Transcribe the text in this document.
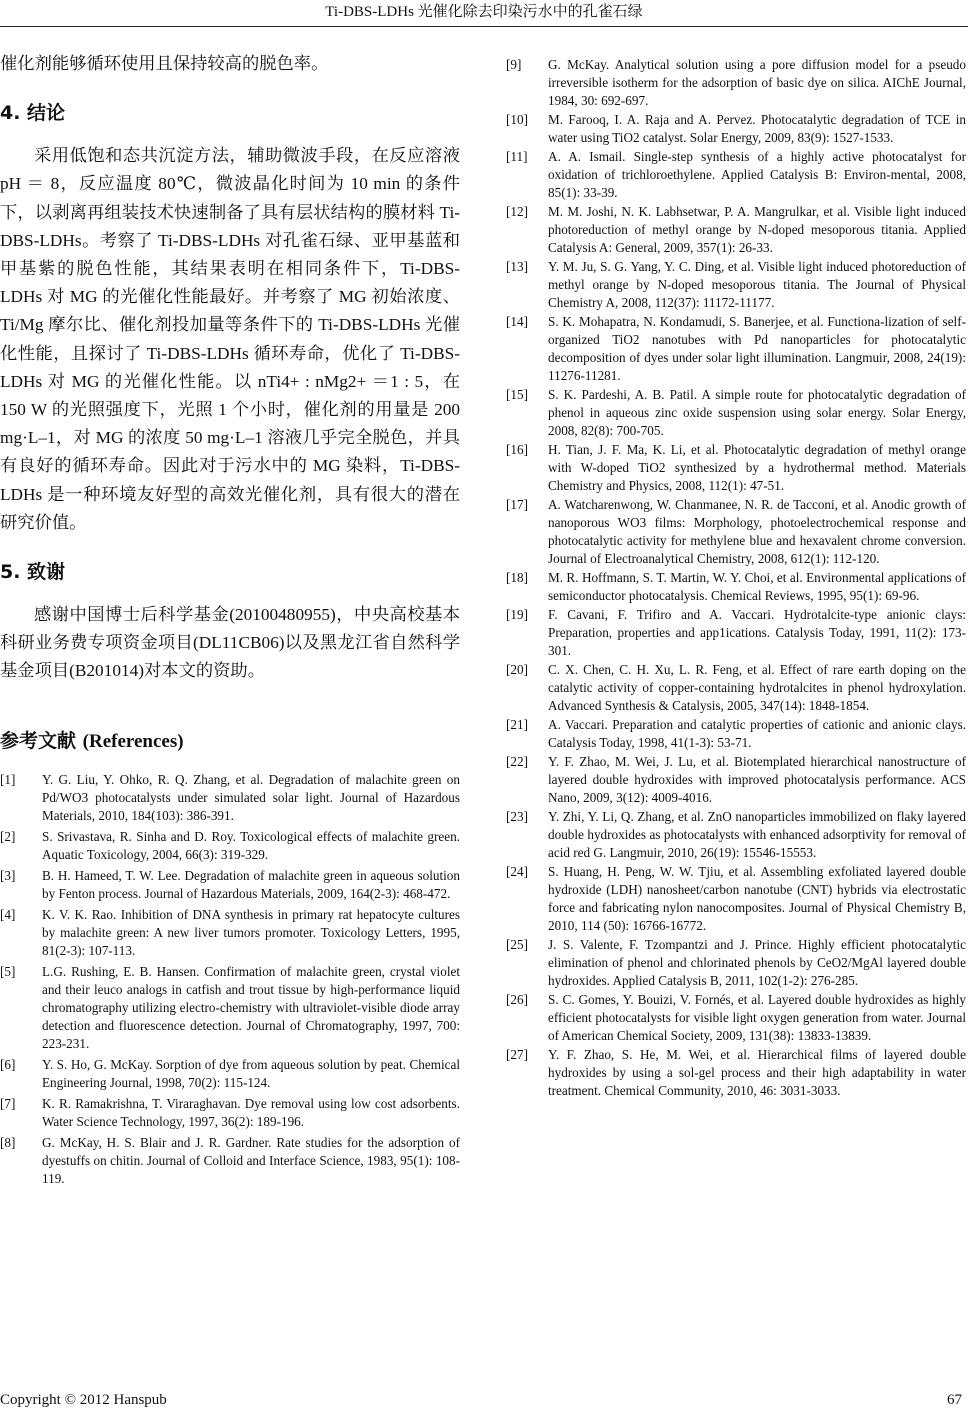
Ti-DBS-LDHs 光催化除去印染污水中的孔雀石绿

催化剂能够循环使用且保持较高的脱色率。

4. 结论

采用低饱和态共沉淀方法，辅助微波手段，在反应溶液 pH ＝ 8，反应温度 80℃，微波晶化时间为 10 min 的条件下，以剥离再组装技术快速制备了具有层状结构的膜材料 Ti-DBS-LDHs。考察了 Ti-DBS-LDHs 对孔雀石绿、亚甲基蓝和甲基紫的脱色性能，其结果表明在相同条件下，Ti-DBS-LDHs 对 MG 的光催化性能最好。并考察了 MG 初始浓度、Ti/Mg 摩尔比、催化剂投加量等条件下的 Ti-DBS-LDHs 光催化性能，且探讨了 Ti-DBS-LDHs 循环寿命，优化了 Ti-DBS-LDHs 对 MG 的光催化性能。以 nTi4+ : nMg2+ ＝1 : 5，在 150 W 的光照强度下，光照 1 个小时，催化剂的用量是 200 mg·L–1，对 MG 的浓度 50 mg·L–1 溶液几乎完全脱色，并具有良好的循环寿命。因此对于污水中的 MG 染料，Ti-DBS-LDHs 是一种环境友好型的高效光催化剂，具有很大的潜在研究价值。

5. 致谢

感谢中国博士后科学基金(20100480955)，中央高校基本科研业务费专项资金项目(DL11CB06)以及黑龙江省自然科学基金项目(B201014)对本文的资助。

参考文献 (References)
[1] Y. G. Liu, Y. Ohko, R. Q. Zhang, et al. Degradation of malachite green on Pd/WO3 photocatalysts under simulated solar light. Journal of Hazardous Materials, 2010, 184(103): 386-391.
[2] S. Srivastava, R. Sinha and D. Roy. Toxicological effects of malachite green. Aquatic Toxicology, 2004, 66(3): 319-329.
[3] B. H. Hameed, T. W. Lee. Degradation of malachite green in aqueous solution by Fenton process. Journal of Hazardous Materials, 2009, 164(2-3): 468-472.
[4] K. V. K. Rao. Inhibition of DNA synthesis in primary rat hepatocyte cultures by malachite green: A new liver tumors promoter. Toxicology Letters, 1995, 81(2-3): 107-113.
[5] L.G. Rushing, E. B. Hansen. Confirmation of malachite green, crystal violet and their leuco analogs in catfish and trout tissue by high-performance liquid chromatography utilizing electro-chemistry with ultraviolet-visible diode array detection and fluorescence detection. Journal of Chromatography, 1997, 700: 223-231.
[6] Y. S. Ho, G. McKay. Sorption of dye from aqueous solution by peat. Chemical Engineering Journal, 1998, 70(2): 115-124.
[7] K. R. Ramakrishna, T. Viraraghavan. Dye removal using low cost adsorbents. Water Science Technology, 1997, 36(2): 189-196.
[8] G. McKay, H. S. Blair and J. R. Gardner. Rate studies for the adsorption of dyestuffs on chitin. Journal of Colloid and Interface Science, 1983, 95(1): 108-119.
[9] G. McKay. Analytical solution using a pore diffusion model for a pseudo irreversible isotherm for the adsorption of basic dye on silica. AIChE Journal, 1984, 30: 692-697.
[10] M. Farooq, I. A. Raja and A. Pervez. Photocatalytic degradation of TCE in water using TiO2 catalyst. Solar Energy, 2009, 83(9): 1527-1533.
[11] A. A. Ismail. Single-step synthesis of a highly active photocatalyst for oxidation of trichloroethylene. Applied Catalysis B: Environ-mental, 2008, 85(1): 33-39.
[12] M. M. Joshi, N. K. Labhsetwar, P. A. Mangrulkar, et al. Visible light induced photoreduction of methyl orange by N-doped mesoporous titania. Applied Catalysis A: General, 2009, 357(1): 26-33.
[13] Y. M. Ju, S. G. Yang, Y. C. Ding, et al. Visible light induced photoreduction of methyl orange by N-doped mesoporous titania. The Journal of Physical Chemistry A, 2008, 112(37): 11172-11177.
[14] S. K. Mohapatra, N. Kondamudi, S. Banerjee, et al. Functiona-lization of self-organized TiO2 nanotubes with Pd nanoparticles for photocatalytic decomposition of dyes under solar light illumination. Langmuir, 2008, 24(19): 11276-11281.
[15] S. K. Pardeshi, A. B. Patil. A simple route for photocatalytic degradation of phenol in aqueous zinc oxide suspension using solar energy. Solar Energy, 2008, 82(8): 700-705.
[16] H. Tian, J. F. Ma, K. Li, et al. Photocatalytic degradation of methyl orange with W-doped TiO2 synthesized by a hydrothermal method. Materials Chemistry and Physics, 2008, 112(1): 47-51.
[17] A. Watcharenwong, W. Chanmanee, N. R. de Tacconi, et al. Anodic growth of nanoporous WO3 films: Morphology, photoelectrochemical response and photocatalytic activity for methylene blue and hexavalent chrome conversion. Journal of Electroanalytical Chemistry, 2008, 612(1): 112-120.
[18] M. R. Hoffmann, S. T. Martin, W. Y. Choi, et al. Environmental applications of semiconductor photocatalysis. Chemical Reviews, 1995, 95(1): 69-96.
[19] F. Cavani, F. Trifiro and A. Vaccari. Hydrotalcite-type anionic clays: Preparation, properties and app1ications. Catalysis Today, 1991, 11(2): 173-301.
[20] C. X. Chen, C. H. Xu, L. R. Feng, et al. Effect of rare earth doping on the catalytic activity of copper-containing hydrotalcites in phenol hydroxylation. Advanced Synthesis & Catalysis, 2005, 347(14): 1848-1854.
[21] A. Vaccari. Preparation and catalytic properties of cationic and anionic clays. Catalysis Today, 1998, 41(1-3): 53-71.
[22] Y. F. Zhao, M. Wei, J. Lu, et al. Biotemplated hierarchical nanostructure of layered double hydroxides with improved photocatalysis performance. ACS Nano, 2009, 3(12): 4009-4016.
[23] Y. Zhi, Y. Li, Q. Zhang, et al. ZnO nanoparticles immobilized on flaky layered double hydroxides as photocatalysts with enhanced adsorptivity for removal of acid red G. Langmuir, 2010, 26(19): 15546-15553.
[24] S. Huang, H. Peng, W. W. Tjiu, et al. Assembling exfoliated layered double hydroxide (LDH) nanosheet/carbon nanotube (CNT) hybrids via electrostatic force and fabricating nylon nanocomposites. Journal of Physical Chemistry B, 2010, 114 (50): 16766-16772.
[25] J. S. Valente, F. Tzompantzi and J. Prince. Highly efficient photocatalytic elimination of phenol and chlorinated phenols by CeO2/MgAl layered double hydroxides. Applied Catalysis B, 2011, 102(1-2): 276-285.
[26] S. C. Gomes, Y. Bouizi, V. Fornés, et al. Layered double hydroxides as highly efficient photocatalysts for visible light oxygen generation from water. Journal of American Chemical Society, 2009, 131(38): 13833-13839.
[27] Y. F. Zhao, S. He, M. Wei, et al. Hierarchical films of layered double hydroxides by using a sol-gel process and their high adaptability in water treatment. Chemical Community, 2010, 46: 3031-3033.
Copyright © 2012 Hanspub	67
